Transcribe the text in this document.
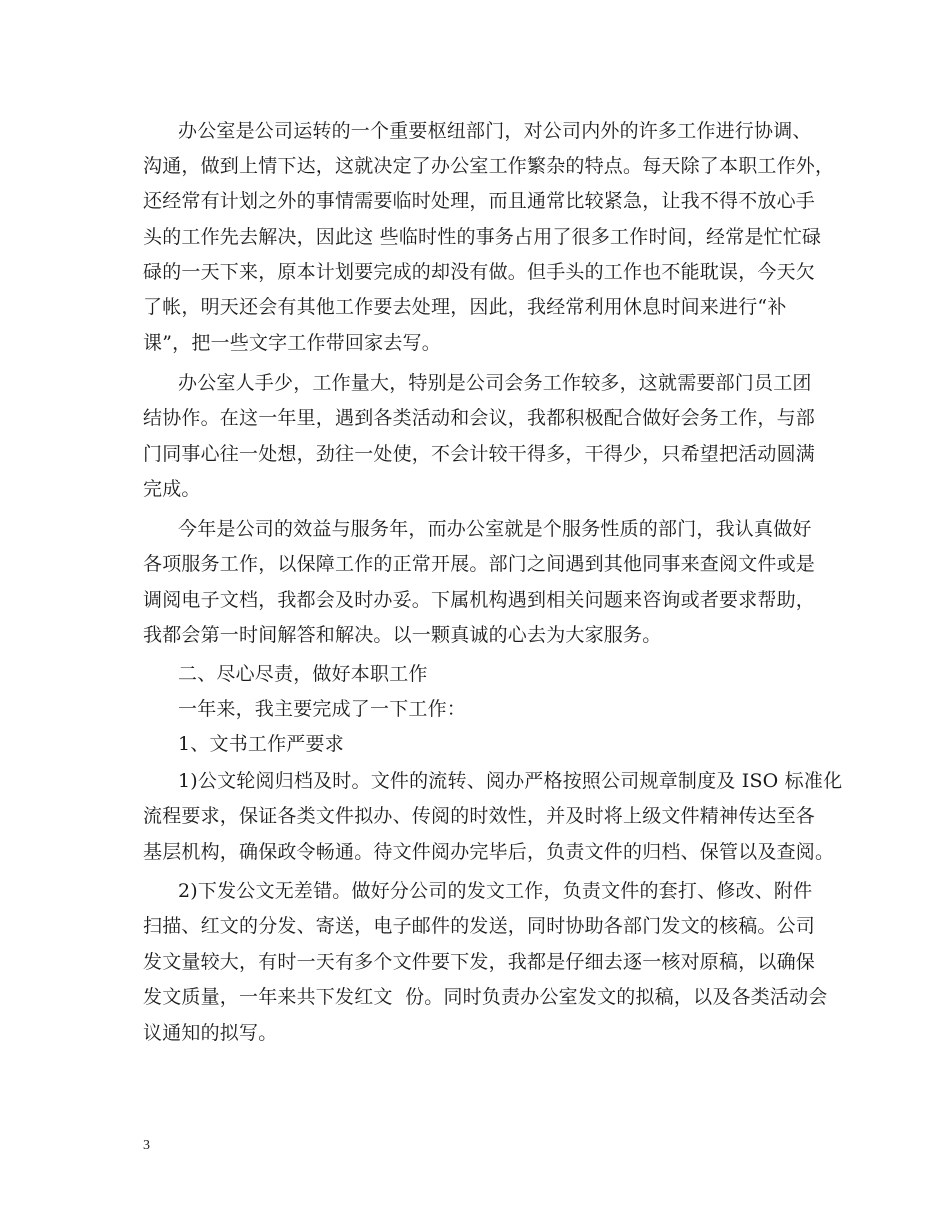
办公室是公司运转的一个重要枢纽部门，对公司内外的许多工作进行协调、
沟通，做到上情下达，这就决定了办公室工作繁杂的特点。每天除了本职工作外，
还经常有计划之外的事情需要临时处理，而且通常比较紧急，让我不得不放心手
头的工作先去解决，因此这 些临时性的事务占用了很多工作时间，经常是忙忙碌
碌的一天下来，原本计划要完成的却没有做。但手头的工作也不能耽误，今天欠
了帐，明天还会有其他工作要去处理，因此，我经常利用休息时间来进行“补
课”，把一些文字工作带回家去写。
办公室人手少，工作量大，特别是公司会务工作较多，这就需要部门员工团
结协作。在这一年里，遇到各类活动和会议，我都积极配合做好会务工作，与部
门同事心往一处想，劲往一处使，不会计较干得多，干得少，只希望把活动圆满
完成。
今年是公司的效益与服务年，而办公室就是个服务性质的部门，我认真做好
各项服务工作，以保障工作的正常开展。部门之间遇到其他同事来查阅文件或是
调阅电子文档，我都会及时办妥。下属机构遇到相关问题来咨询或者要求帮助，
我都会第一时间解答和解决。以一颗真诚的心去为大家服务。
二、尽心尽责，做好本职工作
一年来，我主要完成了一下工作：
1、文书工作严要求
1)公文轮阅归档及时。文件的流转、阅办严格按照公司规章制度及 ISO 标准化
流程要求，保证各类文件拟办、传阅的时效性，并及时将上级文件精神传达至各
基层机构，确保政令畅通。待文件阅办完毕后，负责文件的归档、保管以及查阅。
2)下发公文无差错。做好分公司的发文工作，负责文件的套打、修改、附件
扫描、红文的分发、寄送，电子邮件的发送，同时协助各部门发文的核稿。公司
发文量较大，有时一天有多个文件要下发，我都是仔细去逐一核对原稿，以确保
发文质量，一年来共下发红文  份。同时负责办公室发文的拟稿，以及各类活动会
议通知的拟写。
3
